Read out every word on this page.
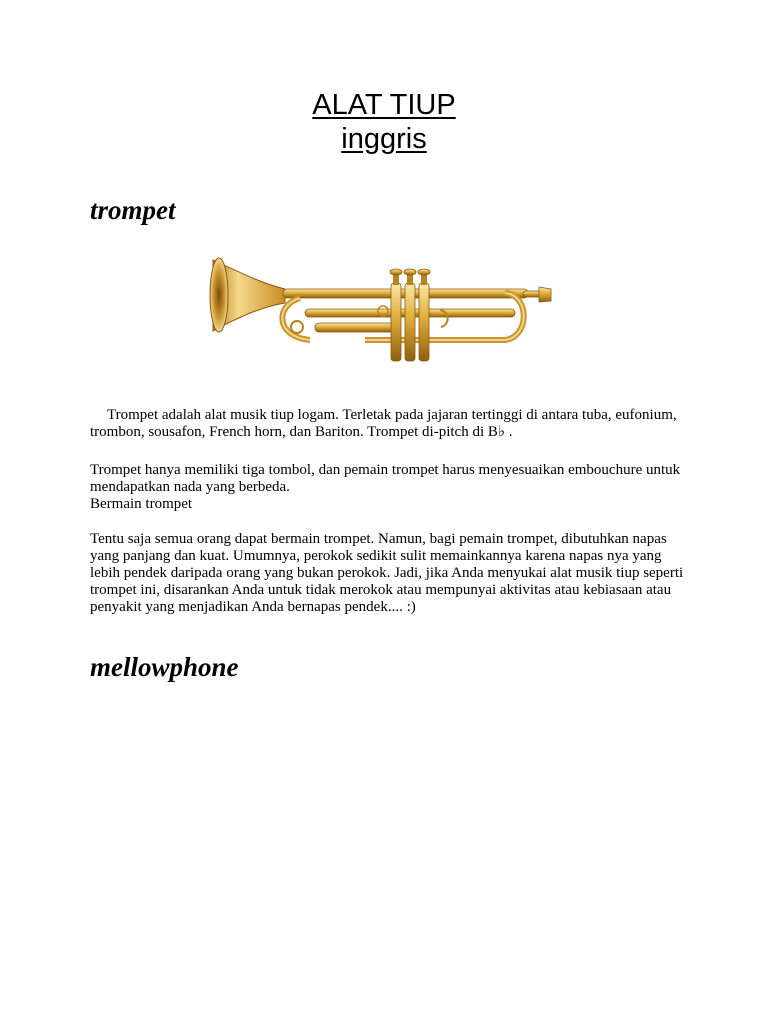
ALAT TIUP
inggris
trompet

Trompet adalah alat musik tiup logam. Terletak pada jajaran tertinggi di antara tuba, eufonium, trombon, sousafon, French horn, dan Bariton. Trompet di-pitch di B♭ .

Trompet hanya memiliki tiga tombol, dan pemain trompet harus menyesuaikan embouchure untuk mendapatkan nada yang berbeda.

Bermain trompet

Tentu saja semua orang dapat bermain trompet. Namun, bagi pemain trompet, dibutuhkan napas yang panjang dan kuat. Umumnya, perokok sedikit sulit memainkannya karena napas nya yang lebih pendek daripada orang yang bukan perokok. Jadi, jika Anda menyukai alat musik tiup seperti trompet ini, disarankan Anda untuk tidak merokok atau mempunyai aktivitas atau kebiasaan atau penyakit yang menjadikan Anda bernapas pendek.... :)

mellowphone
